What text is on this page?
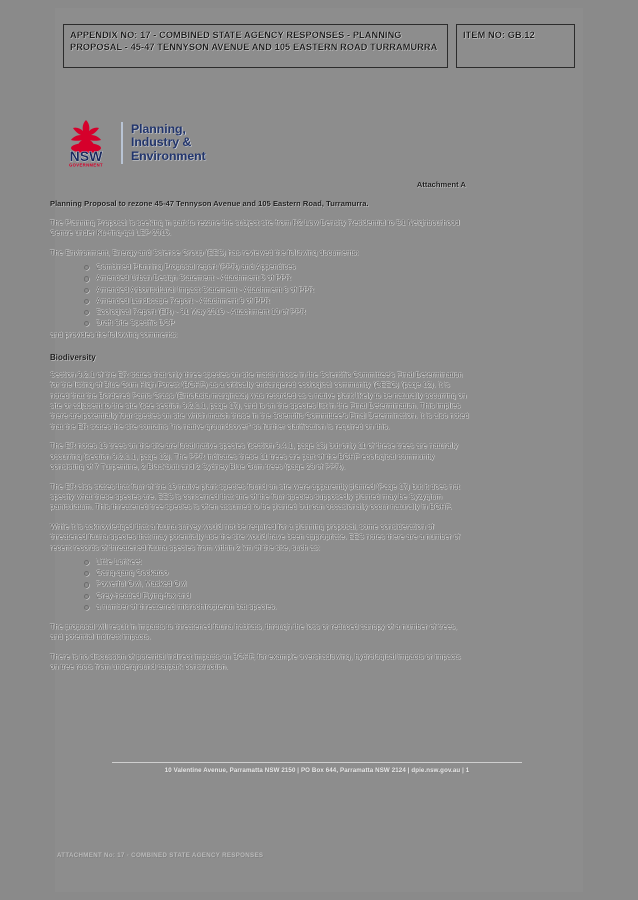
APPENDIX NO: 17 - COMBINED STATE AGENCY RESPONSES - PLANNING PROPOSAL - 45-47 TENNYSON AVENUE AND 105 EASTERN ROAD TURRAMURRA
ITEM NO: GB.12
NSW
GOVERNMENT
Planning,
Industry &
Environment
Attachment A
Planning Proposal to rezone 45-47 Tennyson Avenue and 105 Eastern Road, Turramurra.

The Planning Proposal is seeking in part to rezone the subject site from R2 Low Density Residential to B1 Neighbourhood Centre under Ku-ring-gai LEP 2015.

The Environment, Energy and Science Group (EES) has reviewed the following documents:

Combined Planning Proposal report (PPR) and Appendices
Amended Urban Design Statement - Attachment 5 of PPR
Amended Arboricultural Impact Statement - Attachment 8 of PPR
Amended Landscape Report - Attachment 9 of PPR
Ecological Report (ER) - 31 May 2019 - Attachment 10 of PPR
Draft Site Specific DCP

and provides the following comments:

Biodiversity

Section 3.2.1 of the ER states that only three species on site match those in the Scientific Committee's Final Determination for the listing of Blue Gum High Forest (BGHF) as a critically endangered ecological community (CEEC) (page 12). It is noted that the Bordered Panic Grass (Entolasia marginata) was recorded as a native plant likely to be naturally occurring on site or adjacent to the site (see section 3.2.1.1, page 17), and is on the species list in the Final Determination. This implies there are potentially four species on site which match those in the Scientific Committee's Final Determination. It is also noted that the ER states the site contains "no native groundcover" so further clarification is required on this.

The ER notes 19 trees on the site are local native species (section 3.4.1, page 18) but only 11 of these trees are naturally occurring (section 3.2.1.1, page 12). The PPR indicates these 11 trees are part of the BGHF ecological community consisting of 7 Turpentine, 2 Blackbutt and 2 Sydney Blue Gum trees (page 28 of PPR).

The ER also states that four of the 19 native plant species found on site were apparently planted (Page 17) but it does not specify what these species are. EES is concerned that one of the four species supposedly planted may be Syzygium paniculatum. This threatened tree species is often assumed to be planted but can occasionally occur naturally in BGHF.

While it is acknowledged that a fauna survey would not be required for a planning proposal, some consideration of threatened fauna species that may potentially use the site would have been appropriate. EES notes there are a number of recent records of threatened fauna species from within 2 km of the site, such as:

Little Lorikeet
Gang-gang Cockatoo
Powerful Owl, Masked Owl
Grey-headed Flying-fox and
a number of threatened microchiropteran bat species.

The proposal will result in impacts to threatened fauna habitats, through the loss or reduced canopy of a number of trees, and potential indirect impacts.

There is no discussion of potential indirect impacts on BGHF, for example overshadowing, hydrological impacts or impacts on tree roots from underground carpark construction.

10 Valentine Avenue, Parramatta NSW 2150 | PO Box 644, Parramatta NSW 2124 | dpie.nsw.gov.au | 1
ATTACHMENT No: 17 - COMBINED STATE AGENCY RESPONSES
